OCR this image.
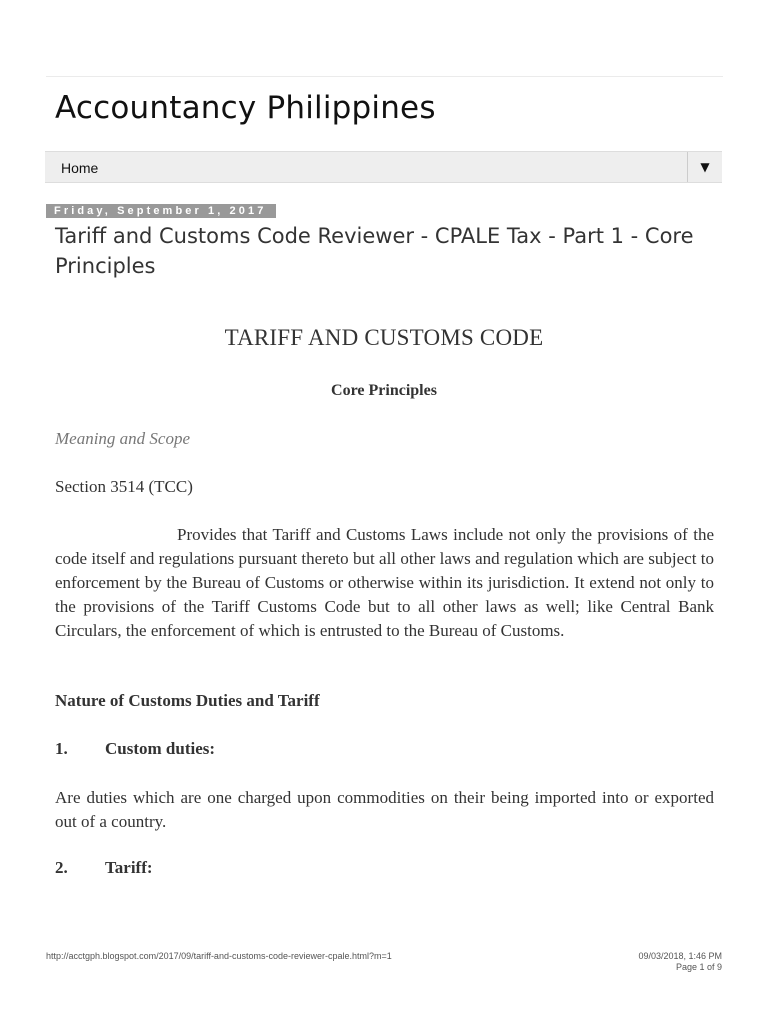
Accountancy Philippines
Home	▼
Friday, September 1, 2017
Tariff and Customs Code Reviewer - CPALE Tax - Part 1 - Core Principles
TARIFF AND CUSTOMS CODE
Core Principles
Meaning and Scope
Section 3514 (TCC)
Provides that Tariff and Customs Laws include not only the provisions of the code itself and regulations pursuant thereto but all other laws and regulation which are subject to enforcement by the Bureau of Customs or otherwise within its jurisdiction. It extend not only to the provisions of the Tariff Customs Code but to all other laws as well; like Central Bank Circulars, the enforcement of which is entrusted to the Bureau of Customs.
Nature of Customs Duties and Tariff
1. Custom duties:
Are duties which are one charged upon commodities on their being imported into or exported out of a country.
2. Tariff:
http://acctgph.blogspot.com/2017/09/tariff-and-customs-code-reviewer-cpale.html?m=1	09/03/2018, 1:46 PM
Page 1 of 9
